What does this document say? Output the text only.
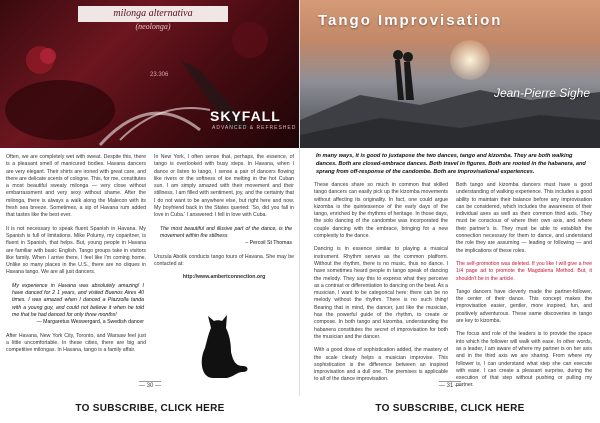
milonga alternativa
(neolonga)
23.306
SKYFALL
ADVANCED & REFRESHED

Often, we are completely wet with sweat. Despite this, there is a pleasant smell of manicured bodies. Havana dancers are very elegant. Their shirts are ironed with great care, and there are delicate scents of cologne. This, for me, constitutes a most beautiful sweaty milonga — very close without embarrassment and very sexy without shame. After the milonga, there is always a walk along the Malecon with its fresh sea breeze. Sometimes, a sip of Havana rum added that tastes like the best ever.

It is not necessary to speak fluent Spanish in Havana. My Spanish is full of limitations. Mike Polumy, my coparitner, is fluent in Spanish, that helps. But, young people in Havana are familiar with basic English. Tango groups take in visitors like family. When I arrive there, I feel like I'm coming home. Unlike so many places in the U.S., there are no cliques in Havana tango. We are all just dancers.

My experience in Havana was absolutely amazing! I have danced for 2 1 years, and visited Buenos Aires 40 times. I was amazed when I danced a Piazzolla tanda with a young guy, and could not believe it when he told me that he had danced for only three months!
— Margaretus Weswergard, a Swedish dancer

After Havana, New York City, Toronto, and Warsaw feel just a little uncomfortable. In these cities, there are big and competitive milongas. In Havana, tango is a family affair.

In New York, I often sense that, perhaps, the essence, of tango is overlooked with busy steps. In Havana, when I dance or listen to tango, I sense a pair of dancers flowing like rivers or the softness of ice melting in the hot Cuban sun. I am simply amazed with their movement and their stillness. I am filled with sentiment, joy, and the certainty that I do not want to be anywhere else, but right here and now. My boyfriend back in the States queried: 'So, did you fall in love in Cuba.' I answered: I fell in love with Cuba.

The most beautiful and illusive part of the dance, is the movement within the stillness
– Percoil St Thomas

Urszula Abolik conducts tango tours of Havana. She may be contacted at:

http://www.ambertconnection.org

— 30 —
Tango Improvisation
Jean-Pierre Sighe
In many ways, it is good to juxtapose the two dances, tango and kizomba. They are both walking dances. Both are closed-embrace dances. Both travel in figures. Both are rooted in the habanera, and sprang from off-response of the candombe. Both are improvisational experiences.

These dances share so much in common that skilled tango dancers can easily pick up the kizomba movements without affecting its originality. In fact, one could argue kizomba is the quintessence of the early days of the tango, enriched by the rhythms of heritage. In those days, the solo dancing of the candombe was incorporated the couple dancing with the embrace, bringing for a new complexity to the dance.

Dancing is in essence similar to playing a musical instrument. Rhythm serves as the common platform. Without the rhythm, there is no music, thus no dance. I have sometimes heard people in tango speak of dancing the melody. They say this to express what they perceive as a contrast or differentiation to dancing on the beat. As a musician, I want to be categorical here: there can be no melody without the rhythm. There is no such thing! Bearing that in mind, the dancer, just like the musician, has the powerful guide of the rhythm, to create or compose. In both tango and kizomba, understanding the habanera constitutes the secret of improvisation for both the musician and the dancer.

With a good dose of sophistication added, the mastery of the scale clearly helps a musician improvise. This sophistication is the difference between an inspired improvisation and a dull one. The premises is applicable to all of the dance improvisation.

Both tango and kizomba dancers must have a good understanding of walking experience. This includes a good ability to maintain their balance before any improvisation can be considered, which includes the awareness of their individual axes as well as their common third axis. They must be conscious of where their own axis, and where their partner's is. They must be able to establish the connection necessary for them to dance, and understand the role they are assuming — leading or following — and the implications of these roles.

The self-promotion was deleted. If you like I will give a free 1/4 page ad to promote the Magdalena Method. But, it shouldn't be in the article.

Tango dancers have cleverly made the partner-follower, the center of their dance. This concept makes the improvisation easier, gentler, more inspired, fun, and positively adventurous. These same discoveries in tango are key to kizomba.

The focus and role of the leaders is to provide the space into which the follower will walk with ease. In other words, as a leader, I am aware of where my partner is on her axis and in the third axis we are sharing. From where my follower is, I can understand what step she can execute with ease. I can create a pleasant surprise, during the execution of that step without pushing or pulling my partner.

— 31 —
TO SUBSCRIBE, CLICK HERE	TO SUBSCRIBE, CLICK HERE
